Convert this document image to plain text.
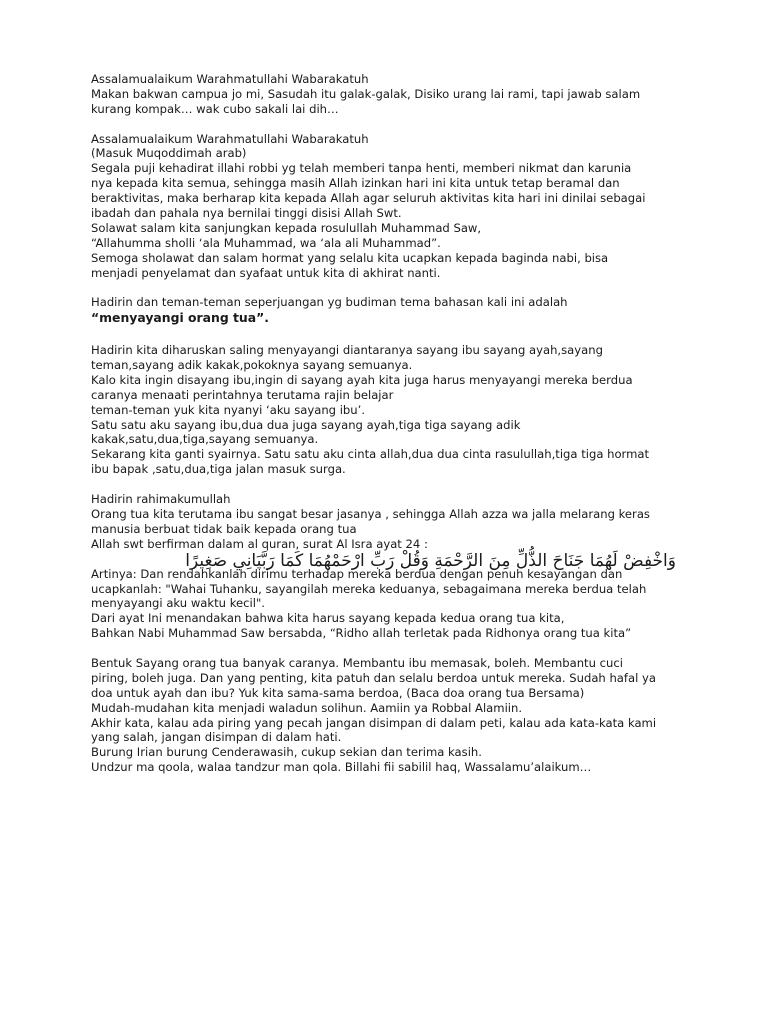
Assalamualaikum Warahmatullahi Wabarakatuh
Makan bakwan campua jo mi, Sasudah itu galak-galak, Disiko urang lai rami, tapi jawab salam
kurang kompak… wak cubo sakali lai dih…
Assalamualaikum Warahmatullahi Wabarakatuh
(Masuk Muqoddimah arab)
Segala puji kehadirat illahi robbi yg telah memberi tanpa henti, memberi nikmat dan karunia
nya kepada kita semua, sehingga masih Allah izinkan hari ini kita untuk tetap beramal dan
beraktivitas, maka berharap kita kepada Allah agar seluruh aktivitas kita hari ini dinilai sebagai
ibadah dan pahala nya bernilai tinggi disisi Allah Swt.
Solawat salam kita sanjungkan kepada rosulullah Muhammad Saw,
“Allahumma sholli ‘ala Muhammad, wa ‘ala ali Muhammad”.
Semoga sholawat dan salam hormat yang selalu kita ucapkan kepada baginda nabi, bisa
menjadi penyelamat dan syafaat untuk kita di akhirat nanti.
Hadirin dan teman-teman seperjuangan yg budiman tema bahasan kali ini adalah
“menyayangi orang tua”.
Hadirin kita diharuskan saling menyayangi diantaranya sayang ibu sayang ayah,sayang
teman,sayang adik kakak,pokoknya sayang semuanya.
Kalo kita ingin disayang ibu,ingin di sayang ayah kita juga harus menyayangi mereka berdua
caranya menaati perintahnya terutama rajin belajar
teman-teman yuk kita nyanyi ‘aku sayang ibu’.
Satu satu aku sayang ibu,dua dua juga sayang ayah,tiga tiga sayang adik
kakak,satu,dua,tiga,sayang semuanya.
Sekarang kita ganti syairnya. Satu satu aku cinta allah,dua dua cinta rasulullah,tiga tiga hormat
ibu bapak ,satu,dua,tiga jalan masuk surga.
Hadirin rahimakumullah
Orang tua kita terutama ibu sangat besar jasanya , sehingga Allah azza wa jalla melarang keras
manusia berbuat tidak baik kepada orang tua
Allah swt berfirman dalam al quran, surat Al Isra ayat 24 :
وَاخْفِضْ لَهُمَا جَنَاحَ الذُّلِّ مِنَ الرَّحْمَةِ وَقُلْ رَبِّ ارْحَمْهُمَا كَمَا رَبَّيَانِي صَغِيرًا
Artinya: Dan rendahkanlah dirimu terhadap mereka berdua dengan penuh kesayangan dan
ucapkanlah: "Wahai Tuhanku, sayangilah mereka keduanya, sebagaimana mereka berdua telah
menyayangi aku waktu kecil".
Dari ayat Ini menandakan bahwa kita harus sayang kepada kedua orang tua kita,
Bahkan Nabi Muhammad Saw bersabda, “Ridho allah terletak pada Ridhonya orang tua kita”
Bentuk Sayang orang tua banyak caranya. Membantu ibu memasak, boleh. Membantu cuci
piring, boleh juga. Dan yang penting, kita patuh dan selalu berdoa untuk mereka. Sudah hafal ya
doa untuk ayah dan ibu? Yuk kita sama-sama berdoa, (Baca doa orang tua Bersama)
Mudah-mudahan kita menjadi waladun solihun. Aamiin ya Robbal Alamiin.
Akhir kata, kalau ada piring yang pecah jangan disimpan di dalam peti, kalau ada kata-kata kami
yang salah, jangan disimpan di dalam hati.
Burung Irian burung Cenderawasih, cukup sekian dan terima kasih.
Undzur ma qoola, walaa tandzur man qola. Billahi fii sabilil haq, Wassalamu’alaikum…
